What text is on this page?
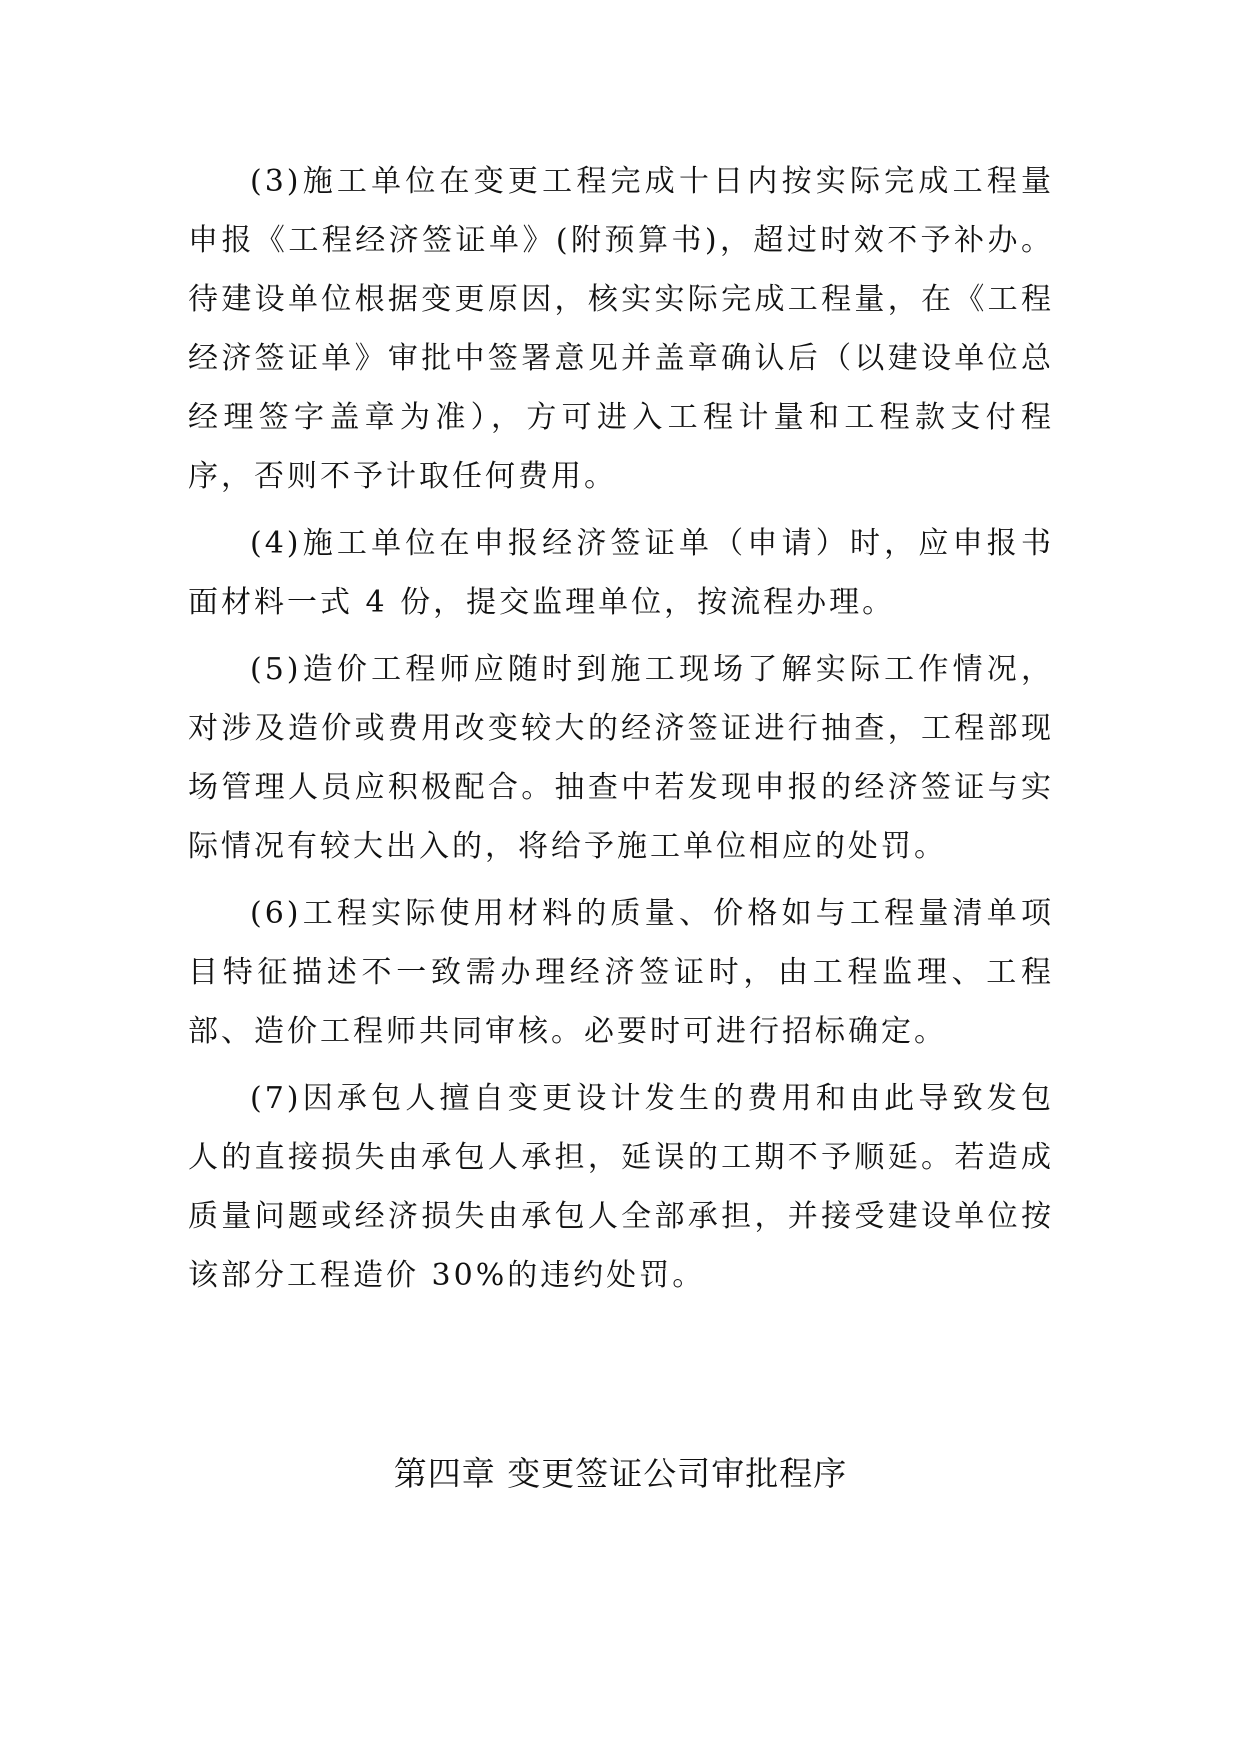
(3)施工单位在变更工程完成十日内按实际完成工程量申报《工程经济签证单》(附预算书)，超过时效不予补办。待建设单位根据变更原因，核实实际完成工程量，在《工程经济签证单》审批中签署意见并盖章确认后（以建设单位总经理签字盖章为准），方可进入工程计量和工程款支付程序，否则不予计取任何费用。

(4)施工单位在申报经济签证单（申请）时，应申报书面材料一式 4 份，提交监理单位，按流程办理。

(5)造价工程师应随时到施工现场了解实际工作情况，对涉及造价或费用改变较大的经济签证进行抽查，工程部现场管理人员应积极配合。抽查中若发现申报的经济签证与实际情况有较大出入的，将给予施工单位相应的处罚。

(6)工程实际使用材料的质量、价格如与工程量清单项目特征描述不一致需办理经济签证时，由工程监理、工程部、造价工程师共同审核。必要时可进行招标确定。

(7)因承包人擅自变更设计发生的费用和由此导致发包人的直接损失由承包人承担，延误的工期不予顺延。若造成质量问题或经济损失由承包人全部承担，并接受建设单位按该部分工程造价 30%的违约处罚。

第四章 变更签证公司审批程序
